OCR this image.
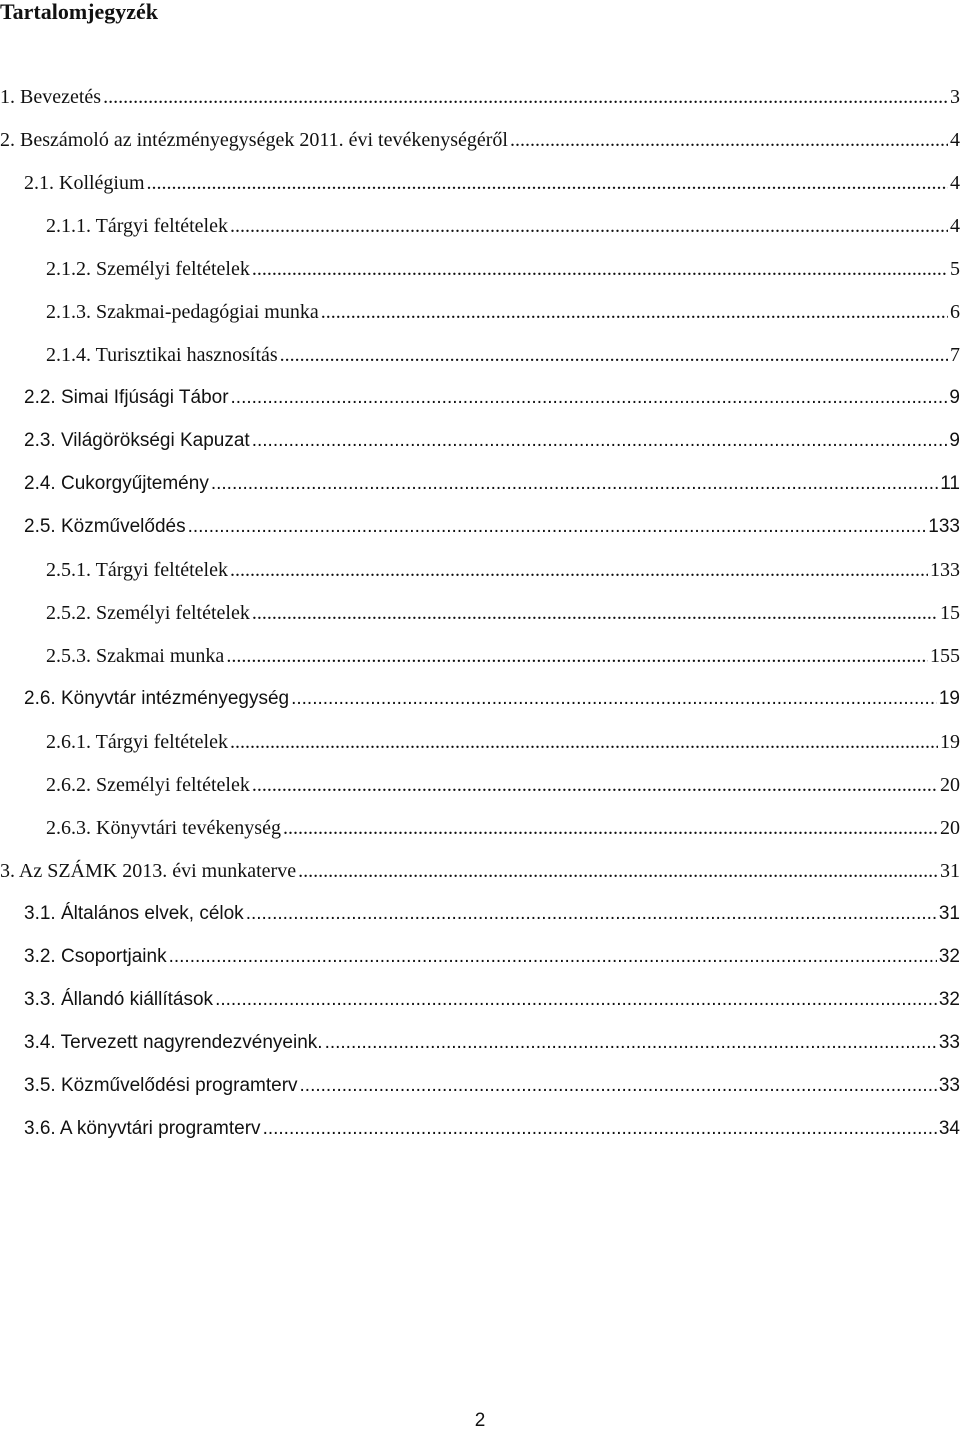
Tartalomjegyzék
1. Bevezetés .....	3
2. Beszámoló az intézményegységek 2011. évi tevékenységéről .....	4
2.1. Kollégium .....	4
2.1.1. Tárgyi feltételek .....	4
2.1.2. Személyi feltételek .....	5
2.1.3. Szakmai-pedagógiai munka .....	6
2.1.4. Turisztikai hasznosítás .....	7
2.2. Simai Ifjúsági Tábor .....	9
2.3. Világörökségi Kapuzat .....	9
2.4. Cukorgyűjtemény .....	11
2.5. Közművelődés .....	133
2.5.1. Tárgyi feltételek .....	133
2.5.2. Személyi feltételek .....	15
2.5.3. Szakmai munka .....	155
2.6. Könyvtár intézményegység .....	19
2.6.1. Tárgyi feltételek .....	19
2.6.2. Személyi feltételek .....	20
2.6.3. Könyvtári tevékenység .....	20
3. Az SZÁMK 2013. évi munkaterve .....	31
3.1. Általános elvek, célok .....	31
3.2. Csoportjaink .....	32
3.3. Állandó kiállítások .....	32
3.4. Tervezett nagyrendezvényeink. .....	33
3.5. Közművelődési programterv .....	33
3.6. A könyvtári programterv .....	34
2
